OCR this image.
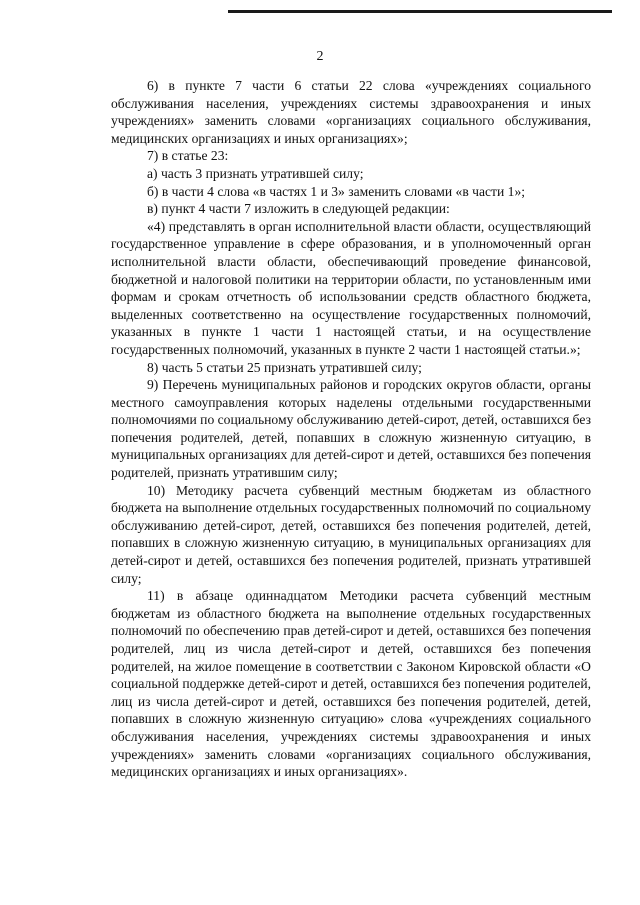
2

6) в пункте 7 части 6 статьи 22 слова «учреждениях социального обслуживания населения, учреждениях системы здравоохранения и иных учреждениях» заменить словами «организациях социального обслуживания, медицинских организациях и иных организациях»;

7) в статье 23:

а) часть 3 признать утратившей силу;

б) в части 4 слова «в частях 1 и 3» заменить словами «в части 1»;

в) пункт 4 части 7 изложить в следующей редакции:

«4) представлять в орган исполнительной власти области, осуществляющий государственное управление в сфере образования, и в уполномоченный орган исполнительной власти области, обеспечивающий проведение финансовой, бюджетной и налоговой политики на территории области, по установленным ими формам и срокам отчетность об использовании средств областного бюджета, выделенных соответственно на осуществление государственных полномочий, указанных в пункте 1 части 1 настоящей статьи, и на осуществление государственных полномочий, указанных в пункте 2 части 1 настоящей статьи.»;

8) часть 5 статьи 25 признать утратившей силу;

9) Перечень муниципальных районов и городских округов области, органы местного самоуправления которых наделены отдельными государственными полномочиями по социальному обслуживанию детей-сирот, детей, оставшихся без попечения родителей, детей, попавших в сложную жизненную ситуацию, в муниципальных организациях для детей-сирот и детей, оставшихся без попечения родителей, признать утратившим силу;

10) Методику расчета субвенций местным бюджетам из областного бюджета на выполнение отдельных государственных полномочий по социальному обслуживанию детей-сирот, детей, оставшихся без попечения родителей, детей, попавших в сложную жизненную ситуацию, в муниципальных организациях для детей-сирот и детей, оставшихся без попечения родителей, признать утратившей силу;

11) в абзаце одиннадцатом Методики расчета субвенций местным бюджетам из областного бюджета на выполнение отдельных государственных полномочий по обеспечению прав детей-сирот и детей, оставшихся без попечения родителей, лиц из числа детей-сирот и детей, оставшихся без попечения родителей, на жилое помещение в соответствии с Законом Кировской области «О социальной поддержке детей-сирот и детей, оставшихся без попечения родителей, лиц из числа детей-сирот и детей, оставшихся без попечения родителей, детей, попавших в сложную жизненную ситуацию» слова «учреждениях социального обслуживания населения, учреждениях системы здравоохранения и иных учреждениях» заменить словами «организациях социального обслуживания, медицинских организациях и иных организациях».
